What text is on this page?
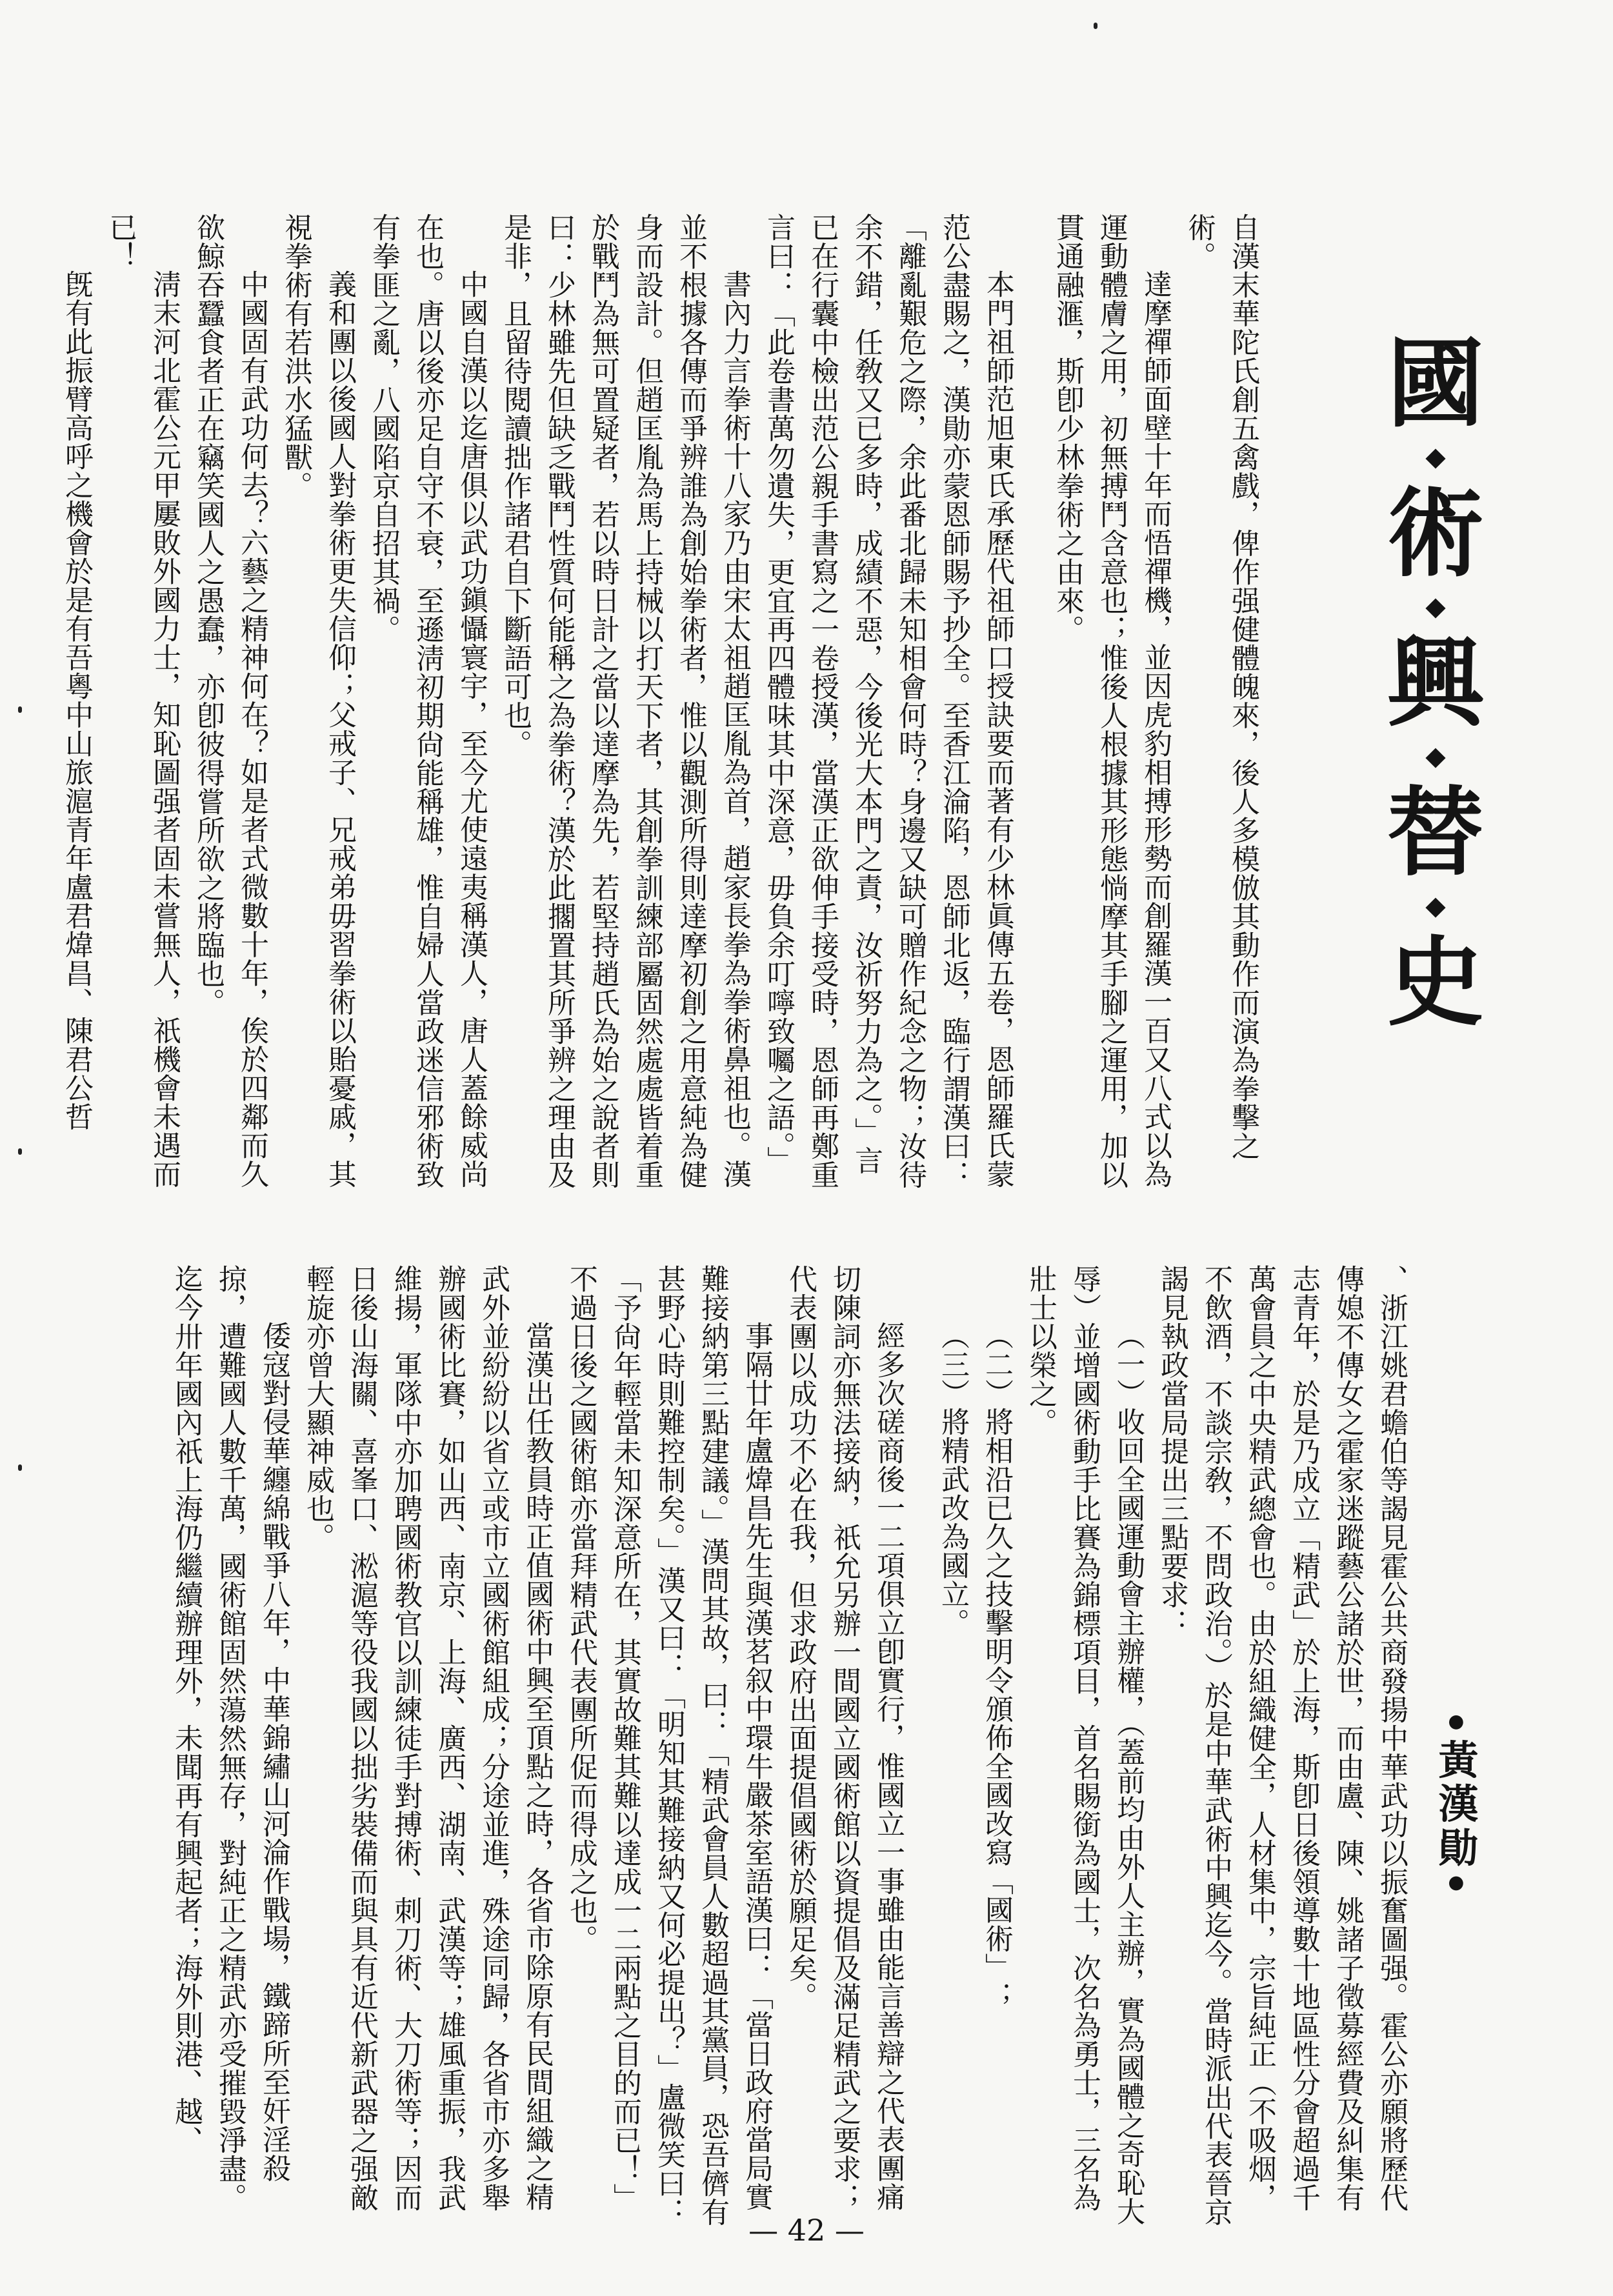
國
術
興
替
史
•黃漢勛•

自漢末華陀氏創五禽戲，俾作强健體魄來，後人多模倣其動作而演為拳擊之術。

達摩禪師面壁十年而悟禪機，並因虎豹相搏形勢而創羅漢一百又八式以為運動體膚之用，初無搏鬥含意也；惟後人根據其形態惝摩其手腳之運用，加以貫通融滙，斯卽少林拳術之由來。

本門祖師范旭東氏承歷代祖師口授訣要而著有少林眞傳五卷，恩師羅氏蒙范公盡賜之，漢勛亦蒙恩師賜予抄全。至香江淪陷，恩師北返，臨行謂漢曰：「離亂艱危之際，余此番北歸未知相會何時？身邊又缺可贈作紀念之物；汝待余不錯，任敎又已多時，成績不惡，今後光大本門之責，汝祈努力為之。」言已在行囊中檢出范公親手書寫之一卷授漢，當漢正欲伸手接受時，恩師再鄭重言曰：「此卷書萬勿遺失，更宜再四體味其中深意，毋負余叮嚀致囑之語。」

書內力言拳術十八家乃由宋太祖趙匡胤為首，趙家長拳為拳術鼻祖也。漢並不根據各傳而爭辨誰為創始拳術者，惟以觀測所得則達摩初創之用意純為健身而設計。但趙匡胤為馬上持械以打天下者，其創拳訓練部屬固然處處皆着重於戰鬥為無可置疑者，若以時日計之當以達摩為先，若堅持趙氏為始之說者則曰：少林雖先但缺乏戰鬥性質何能稱之為拳術？漢於此擱置其所爭辨之理由及是非，且留待閱讀拙作諸君自下斷語可也。

中國自漢以迄唐俱以武功鎭懾寰宇，至今尤使遠夷稱漢人，唐人蓋餘威尚在也。唐以後亦足自守不衰，至遜淸初期尙能稱雄，惟自婦人當政迷信邪術致有拳匪之亂，八國陷京自招其禍。

義和團以後國人對拳術更失信仰；父戒子、兄戒弟毋習拳術以貽憂戚，其視拳術有若洪水猛獸。

中國固有武功何去？六藝之精神何在？如是者式微數十年，俟於四鄰而久欲鯨吞蠶食者正在竊笑國人之愚蠢，亦卽彼得嘗所欲之將臨也。

淸末河北霍公元甲屢敗外國力士，知恥圖强者固未嘗無人，祇機會未遇而已！

旣有此振臂高呼之機會於是有吾粵中山旅滬青年盧君煒昌、陳君公哲

、浙江姚君蟾伯等謁見霍公共商發揚中華武功以振奮圖强。霍公亦願將歷代傳媳不傳女之霍家迷蹤藝公諸於世，而由盧、陳、姚諸子徵募經費及糾集有志青年，於是乃成立「精武」於上海，斯卽日後領導數十地區性分會超過千萬會員之中央精武總會也。由於組織健全，人材集中，宗旨純正（不吸烟，不飲酒，不談宗敎，不問政治。）於是中華武術中興迄今。當時派出代表晉京謁見執政當局提出三點要求：

（一）收回全國運動會主辦權，（蓋前均由外人主辦，實為國體之奇恥大辱）並增國術動手比賽為錦標項目，首名賜銜為國士，次名為勇士，三名為壯士以榮之。

（二）將相沿已久之技擊明令頒佈全國改寫「國術」；

（三）將精武改為國立。

經多次磋商後一二項俱立卽實行，惟國立一事雖由能言善辯之代表團痛切陳詞亦無法接納，祇允另辦一間國立國術館以資提倡及滿足精武之要求；代表團以成功不必在我，但求政府出面提倡國術於願足矣。

事隔廿年盧煒昌先生與漢茗叙中環牛嚴茶室語漢曰：「當日政府當局實難接納第三點建議。」漢問其故，曰：「精武會員人數超過其黨員，恐吾儕有甚野心時則難控制矣。」漢又曰：「明知其難接納又何必提出？」盧微笑曰：「予尙年輕當未知深意所在，其實故難其難以達成一二兩點之目的而已！」不過日後之國術館亦當拜精武代表團所促而得成之也。

當漢出任教員時正值國術中興至頂點之時，各省市除原有民間組織之精武外並紛紛以省立或市立國術館組成；分途並進，殊途同歸，各省市亦多舉辦國術比賽，如山西、南京、上海、廣西、湖南、武漢等；雄風重振，我武維揚，軍隊中亦加聘國術教官以訓練徒手對搏術、刺刀術、大刀術等；因而日後山海關、喜峯口、淞滬等役我國以拙劣裝備而與具有近代新武器之强敵輕旋亦曾大顯神威也。

倭寇對侵華纏綿戰爭八年，中華錦繡山河淪作戰場，鐵蹄所至奸淫殺掠，遭難國人數千萬，國術館固然蕩然無存，對純正之精武亦受摧毀淨盡。迄今卅年國內祇上海仍繼續辦理外，未聞再有興起者；海外則港、越、

— 42 —
